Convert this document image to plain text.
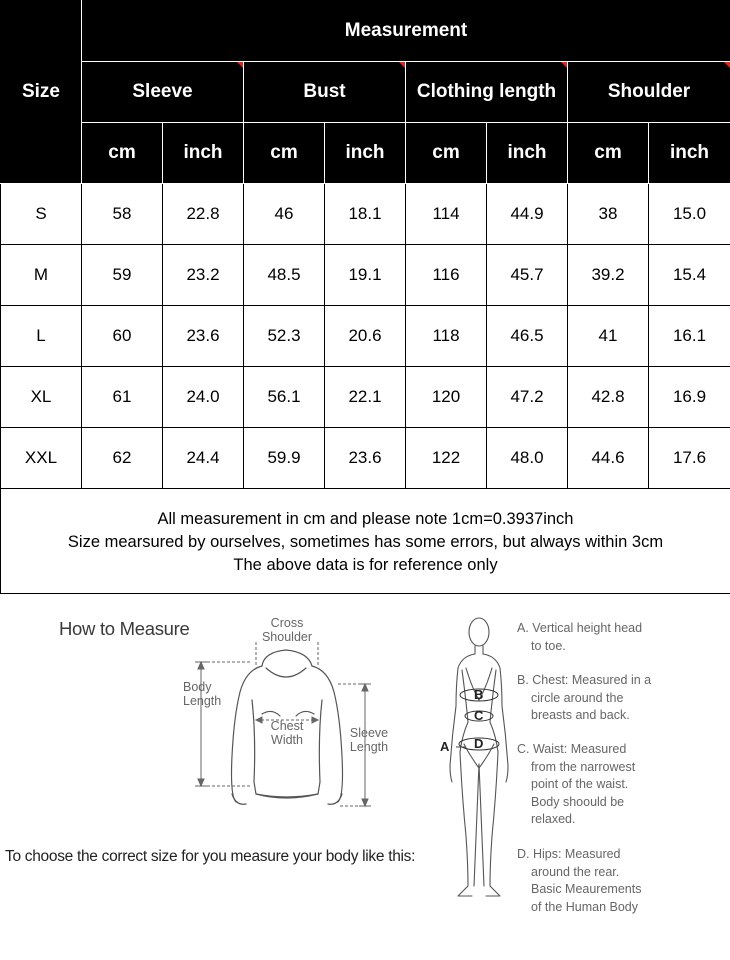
Size	Measurement							
	Sleeve		Bust		Clothing length		Shoulder	
	cm	inch	cm	inch	cm	inch	cm	inch
S	58	22.8	46	18.1	114	44.9	38	15.0
M	59	23.2	48.5	19.1	116	45.7	39.2	15.4
L	60	23.6	52.3	20.6	118	46.5	41	16.1
XL	61	24.0	56.1	22.1	120	47.2	42.8	16.9
XXL	62	24.4	59.9	23.6	122	48.0	44.6	17.6

All measurement in cm and please note 1cm=0.3937inch
Size mearsured by ourselves, sometimes has some errors, but always within 3cm
The above data is for reference only								
How to Measure	Cross
Shoulder
Body
Length
Chest
Width	Sleeve
Length	A
B
C
D
A. Vertical height head
to toe.
B. Chest: Measured in a
circle around the
breasts and back.
C. Waist: Measured
from the narrowest
point of the waist.
Body shoould be
relaxed.
D. Hips: Measured
around the rear.
Basic Meaurements
of the Human Body
To choose the correct size for you measure your body like this:
